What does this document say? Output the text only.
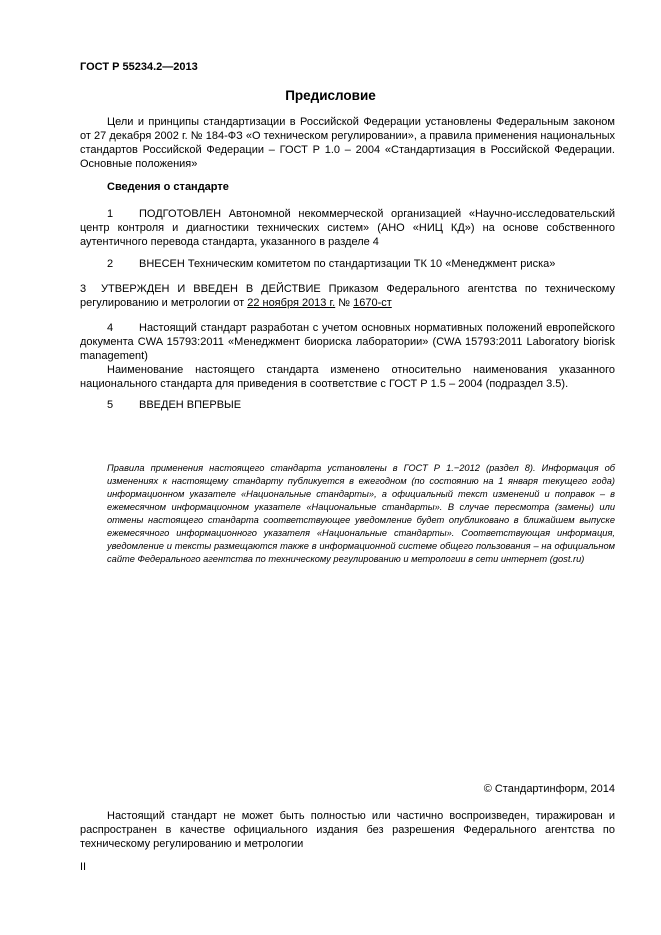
ГОСТ Р 55234.2—2013
Предисловие
Цели и принципы стандартизации в Российской Федерации установлены Федеральным законом от 27 декабря 2002 г. № 184-ФЗ «О техническом регулировании», а правила применения национальных стандартов Российской Федерации – ГОСТ Р 1.0 – 2004 «Стандартизация в Российской Федерации. Основные положения»
Сведения о стандарте
1 ПОДГОТОВЛЕН Автономной некоммерческой организацией «Научно-исследовательский центр контроля и диагностики технических систем» (АНО «НИЦ КД») на основе собственного аутентичного перевода стандарта, указанного в разделе 4
2 ВНЕСЕН Техническим комитетом по стандартизации ТК 10 «Менеджмент риска»
3 УТВЕРЖДЕН И ВВЕДЕН В ДЕЙСТВИЕ Приказом Федерального агентства по техническому регулированию и метрологии от 22 ноября 2013 г. № 1670-ст
4 Настоящий стандарт разработан с учетом основных нормативных положений европейского документа CWA 15793:2011 «Менеджмент биориска лаборатории» (CWA 15793:2011 Laboratory biorisk management)
Наименование настоящего стандарта изменено относительно наименования указанного национального стандарта для приведения в соответствие с ГОСТ Р 1.5 – 2004 (подраздел 3.5).
5 ВВЕДЕН ВПЕРВЫЕ
Правила применения настоящего стандарта установлены в ГОСТ Р 1.−2012 (раздел 8). Информация об изменениях к настоящему стандарту публикуется в ежегодном (по состоянию на 1 января текущего года) информационном указателе «Национальные стандарты», а официальный текст изменений и поправок – в ежемесячном информационном указателе «Национальные стандарты». В случае пересмотра (замены) или отмены настоящего стандарта соответствующее уведомление будет опубликовано в ближайшем выпуске ежемесячного информационного указателя «Национальные стандарты». Соответствующая информация, уведомление и тексты размещаются также в информационной системе общего пользования – на официальном сайте Федерального агентства по техническому регулированию и метрологии в сети интернет (gost.ru)
© Стандартинформ, 2014
Настоящий стандарт не может быть полностью или частично воспроизведен, тиражирован и распространен в качестве официального издания без разрешения Федерального агентства по техническому регулированию и метрологии
II
